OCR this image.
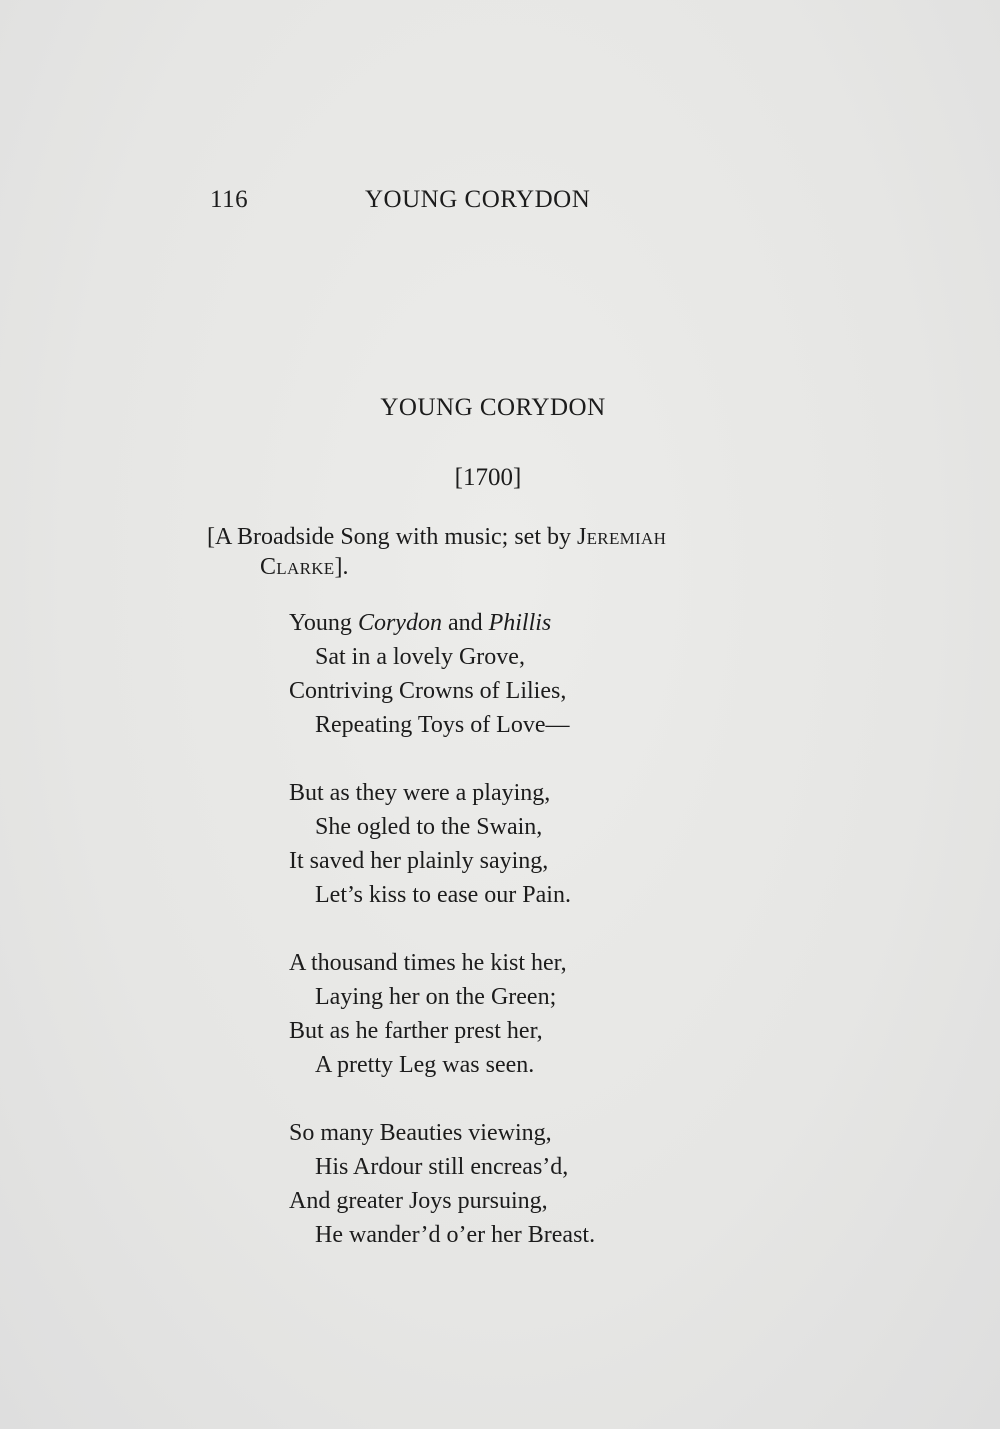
116	YOUNG CORYDON
YOUNG CORYDON
[1700]
[A Broadside Song with music; set by Jeremiah
Clarke].
Young Corydon and Phillis
Sat in a lovely Grove,
Contriving Crowns of Lilies,
Repeating Toys of Love—
But as they were a playing,
She ogled to the Swain,
It saved her plainly saying,
Let’s kiss to ease our Pain.
A thousand times he kist her,
Laying her on the Green;
But as he farther prest her,
A pretty Leg was seen.
So many Beauties viewing,
His Ardour still encreas’d,
And greater Joys pursuing,
He wander’d o’er her Breast.
